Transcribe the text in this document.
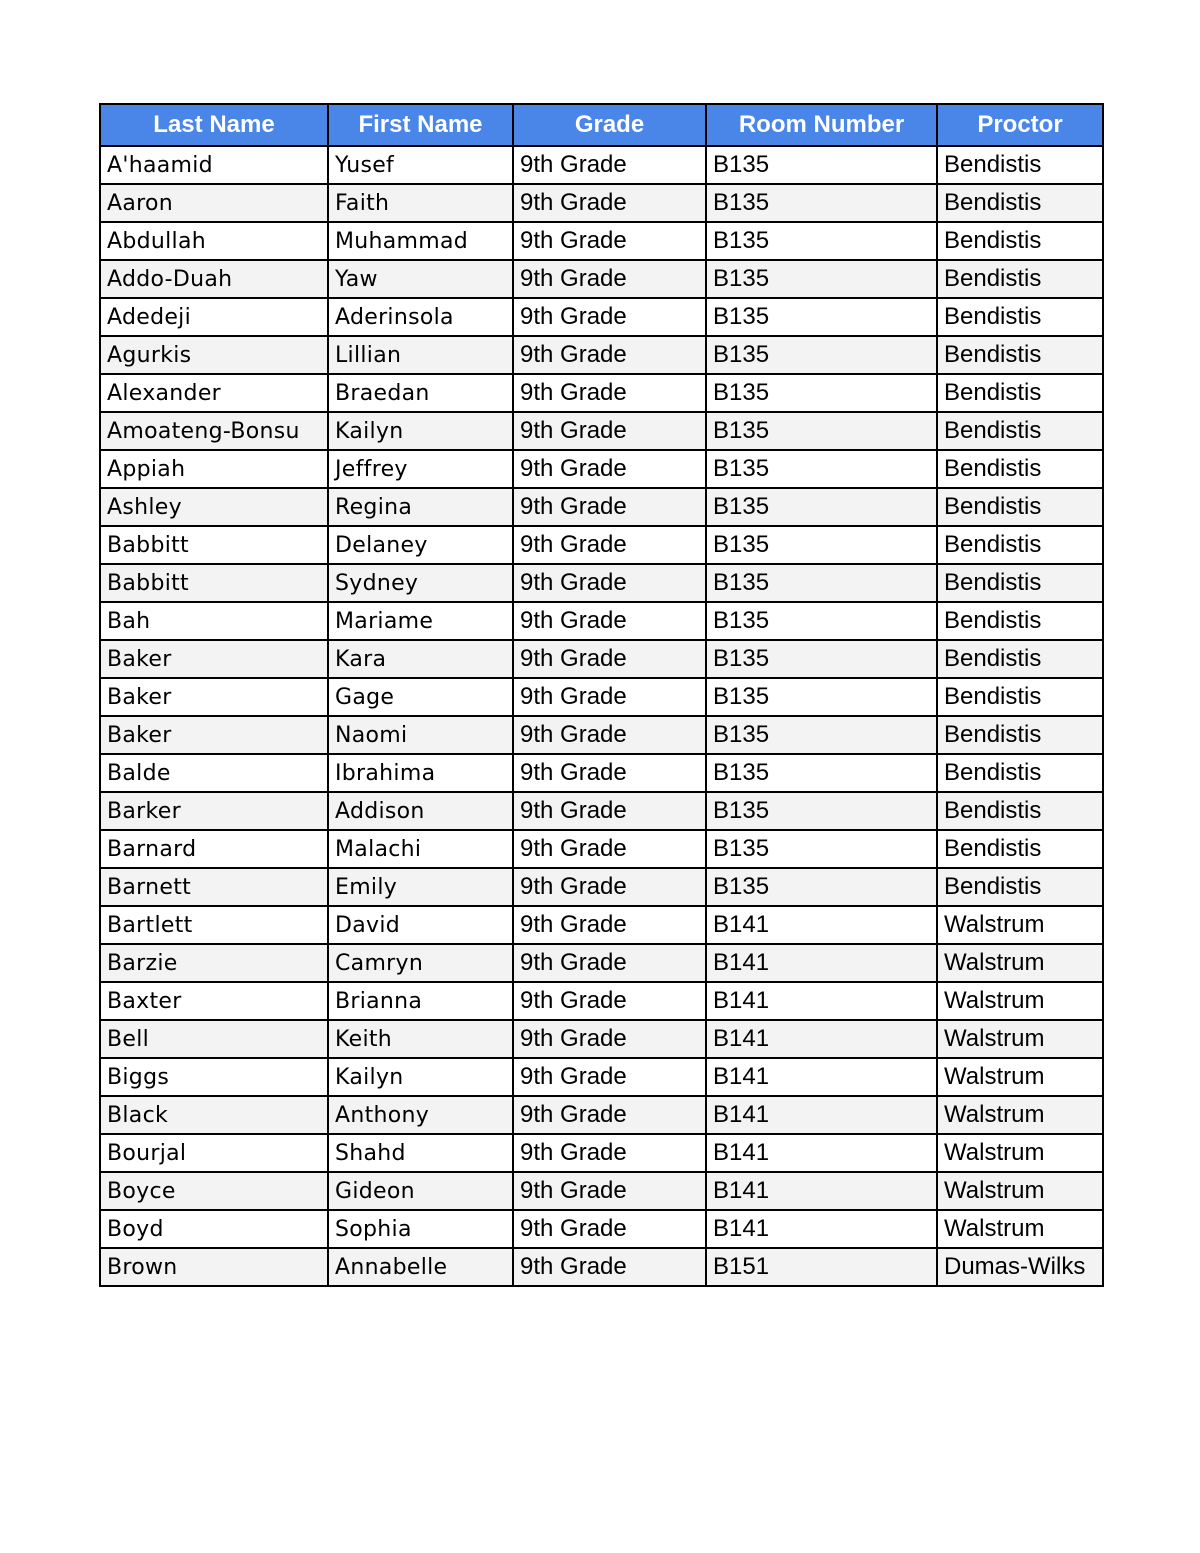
Last Name	First Name	Grade	Room Number	Proctor
A'haamid	Yusef	9th Grade	B135	Bendistis
Aaron	Faith	9th Grade	B135	Bendistis
Abdullah	Muhammad	9th Grade	B135	Bendistis
Addo-Duah	Yaw	9th Grade	B135	Bendistis
Adedeji	Aderinsola	9th Grade	B135	Bendistis
Agurkis	Lillian	9th Grade	B135	Bendistis
Alexander	Braedan	9th Grade	B135	Bendistis
Amoateng-Bonsu	Kailyn	9th Grade	B135	Bendistis
Appiah	Jeffrey	9th Grade	B135	Bendistis
Ashley	Regina	9th Grade	B135	Bendistis
Babbitt	Delaney	9th Grade	B135	Bendistis
Babbitt	Sydney	9th Grade	B135	Bendistis
Bah	Mariame	9th Grade	B135	Bendistis
Baker	Kara	9th Grade	B135	Bendistis
Baker	Gage	9th Grade	B135	Bendistis
Baker	Naomi	9th Grade	B135	Bendistis
Balde	Ibrahima	9th Grade	B135	Bendistis
Barker	Addison	9th Grade	B135	Bendistis
Barnard	Malachi	9th Grade	B135	Bendistis
Barnett	Emily	9th Grade	B135	Bendistis
Bartlett	David	9th Grade	B141	Walstrum
Barzie	Camryn	9th Grade	B141	Walstrum
Baxter	Brianna	9th Grade	B141	Walstrum
Bell	Keith	9th Grade	B141	Walstrum
Biggs	Kailyn	9th Grade	B141	Walstrum
Black	Anthony	9th Grade	B141	Walstrum
Bourjal	Shahd	9th Grade	B141	Walstrum
Boyce	Gideon	9th Grade	B141	Walstrum
Boyd	Sophia	9th Grade	B141	Walstrum
Brown	Annabelle	9th Grade	B151	Dumas-Wilks
